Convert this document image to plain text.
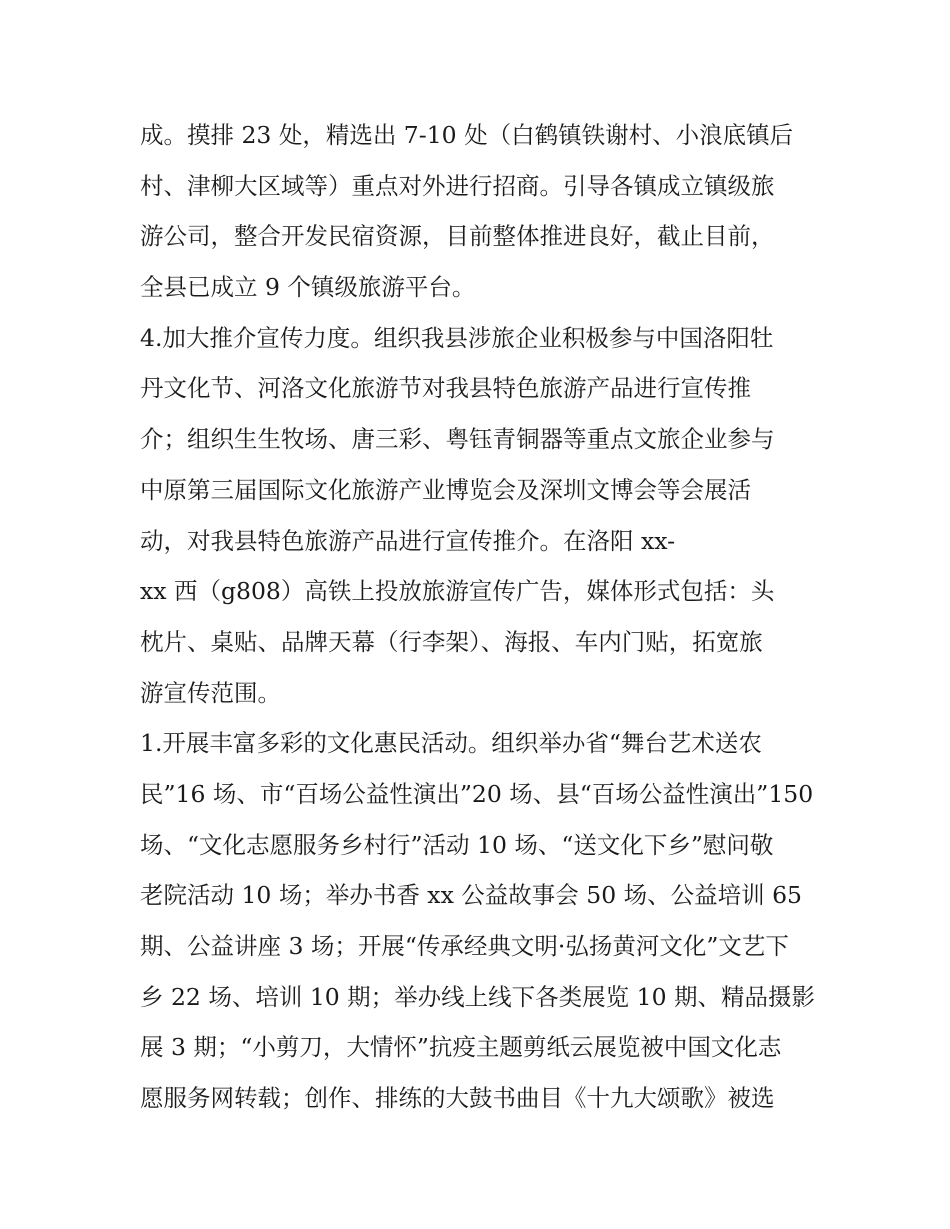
成。摸排 23 处，精选出 7-10 处（白鹤镇铁谢村、小浪底镇后
村、津柳大区域等）重点对外进行招商。引导各镇成立镇级旅
游公司，整合开发民宿资源，目前整体推进良好，截止目前，
全县已成立 9 个镇级旅游平台。
4.加大推介宣传力度。组织我县涉旅企业积极参与中国洛阳牡
丹文化节、河洛文化旅游节对我县特色旅游产品进行宣传推
介；组织生生牧场、唐三彩、粤钰青铜器等重点文旅企业参与
中原第三届国际文化旅游产业博览会及深圳文博会等会展活
动，对我县特色旅游产品进行宣传推介。在洛阳 xx-
xx 西（g808）高铁上投放旅游宣传广告，媒体形式包括：头
枕片、桌贴、品牌天幕（行李架）、海报、车内门贴，拓宽旅
游宣传范围。
1.开展丰富多彩的文化惠民活动。组织举办省“舞台艺术送农
民”16 场、市“百场公益性演出”20 场、县“百场公益性演出”150
场、“文化志愿服务乡村行”活动 10 场、“送文化下乡”慰问敬
老院活动 10 场；举办书香 xx 公益故事会 50 场、公益培训 65
期、公益讲座 3 场；开展“传承经典文明·弘扬黄河文化”文艺下
乡 22 场、培训 10 期；举办线上线下各类展览 10 期、精品摄影
展 3 期；“小剪刀，大情怀”抗疫主题剪纸云展览被中国文化志
愿服务网转载；创作、排练的大鼓书曲目《十九大颂歌》被选
